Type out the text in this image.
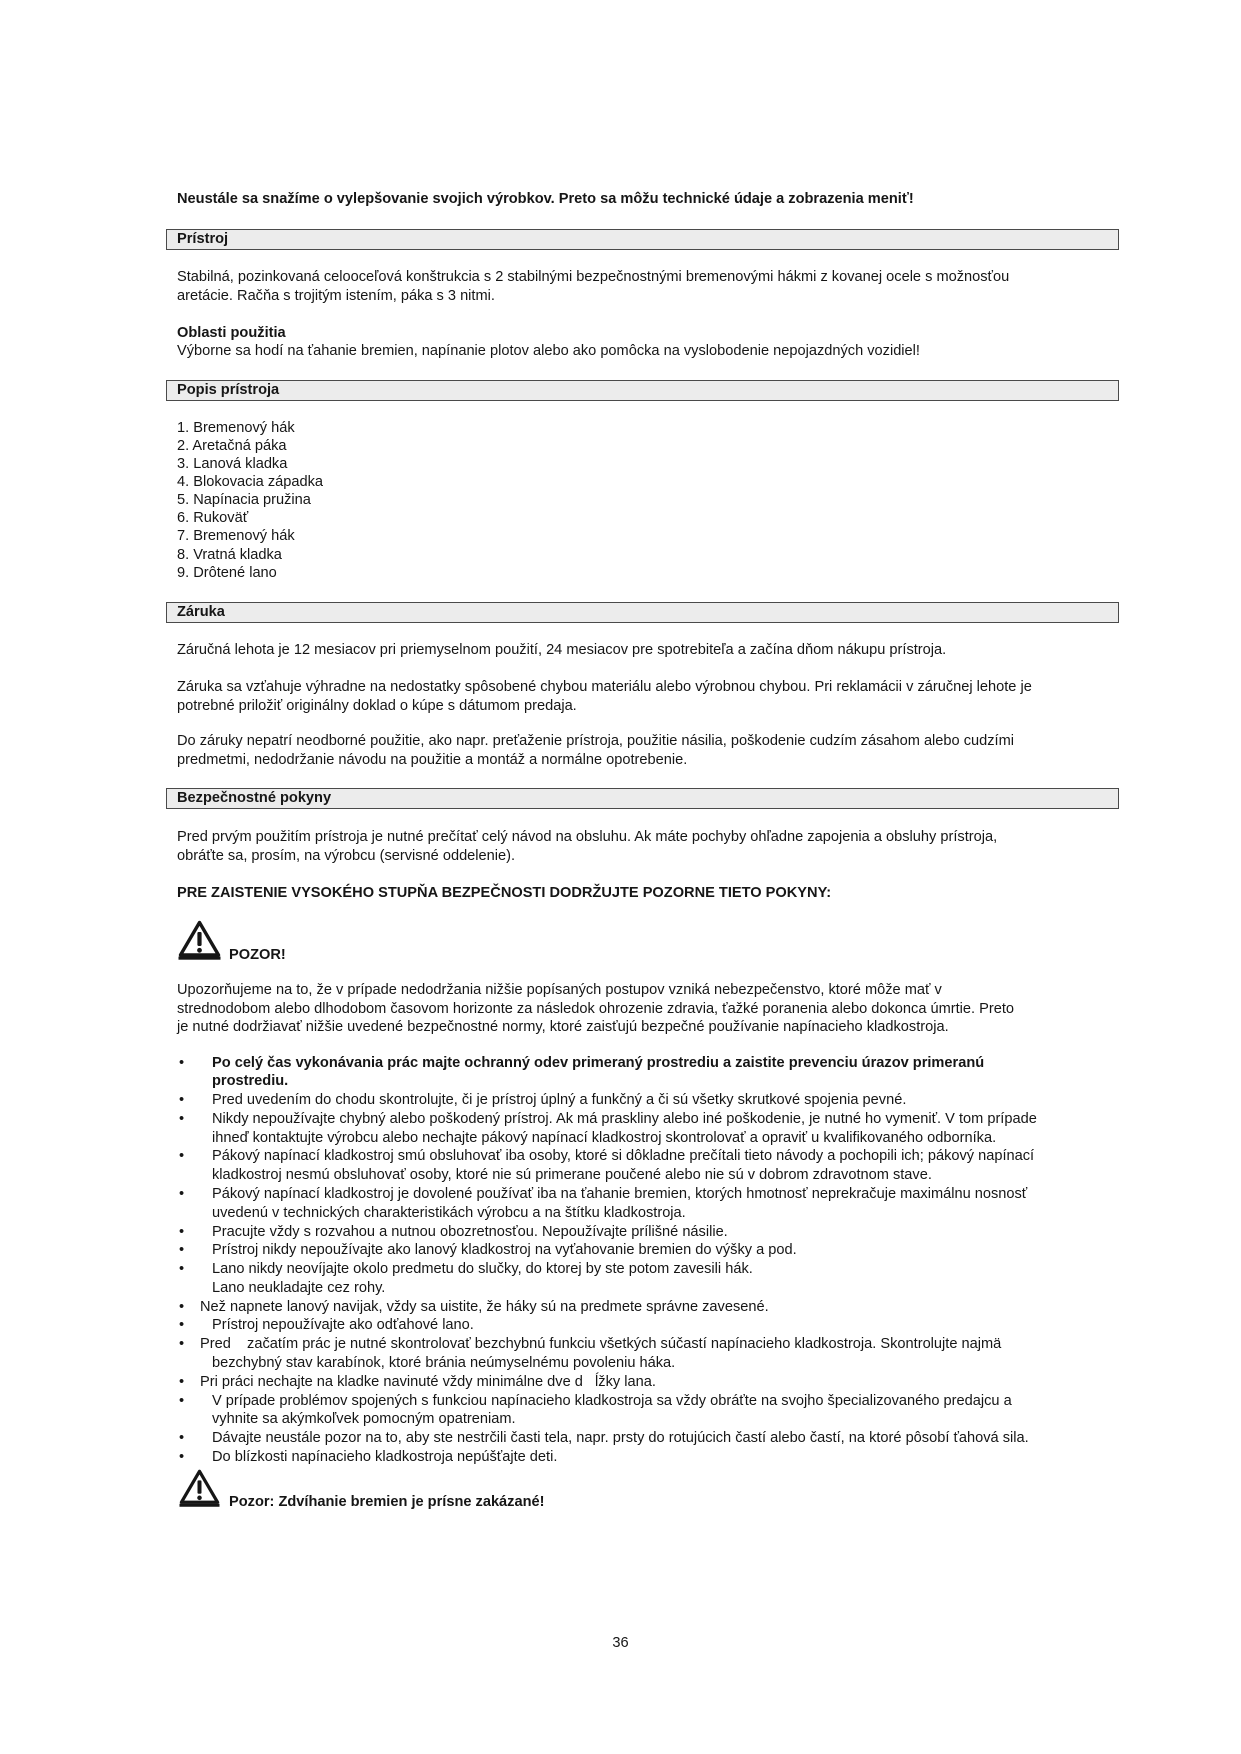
Neustále sa snažíme o vylepšovanie svojich výrobkov. Preto sa môžu technické údaje a zobrazenia meniť!
Prístroj
Stabilná, pozinkovaná celooceľová konštrukcia s 2 stabilnými bezpečnostnými bremenovými hákmi z kovanej ocele s možnosťou
aretácie. Račňa s trojitým istením, páka s 3 nitmi.
Oblasti použitia
Výborne sa hodí na ťahanie bremien, napínanie plotov alebo ako pomôcka na vyslobodenie nepojazdných vozidiel!
Popis prístroja
1. Bremenový hák
2. Aretačná páka
3. Lanová kladka
4. Blokovacia západka
5. Napínacia pružina
6. Rukoväť
7. Bremenový hák
8. Vratná kladka
9. Drôtené lano
Záruka
Záručná lehota je 12 mesiacov pri priemyselnom použití, 24 mesiacov pre spotrebiteľa a začína dňom nákupu prístroja.
Záruka sa vzťahuje výhradne na nedostatky spôsobené chybou materiálu alebo výrobnou chybou. Pri reklamácii v záručnej lehote je
potrebné priložiť originálny doklad o kúpe s dátumom predaja.
Do záruky nepatrí neodborné použitie, ako napr. preťaženie prístroja, použitie násilia, poškodenie cudzím zásahom alebo cudzími
predmetmi, nedodržanie návodu na použitie a montáž a normálne opotrebenie.
Bezpečnostné pokyny
Pred prvým použitím prístroja je nutné prečítať celý návod na obsluhu. Ak máte pochyby ohľadne zapojenia a obsluhy prístroja,
obráťte sa, prosím, na výrobcu (servisné oddelenie).
PRE ZAISTENIE VYSOKÉHO STUPŇA BEZPEČNOSTI DODRŽUJTE POZORNE TIETO POKYNY:
POZOR!
Upozorňujeme na to, že v prípade nedodržania nižšie popísaných postupov vzniká nebezpečenstvo, ktoré môže mať v
strednodobom alebo dlhodobom časovom horizonte za následok ohrozenie zdravia, ťažké poranenia alebo dokonca úmrtie. Preto
je nutné dodržiavať nižšie uvedené bezpečnostné normy, ktoré zaisťujú bezpečné používanie napínacieho kladkostroja.
• Po celý čas vykonávania prác majte ochranný odev primeraný prostrediu a zaistite prevenciu úrazov primeranú
prostrediu.
• Pred uvedením do chodu skontrolujte, či je prístroj úplný a funkčný a či sú všetky skrutkové spojenia pevné.
• Nikdy nepoužívajte chybný alebo poškodený prístroj. Ak má praskliny alebo iné poškodenie, je nutné ho vymeniť. V tom prípade
ihneď kontaktujte výrobcu alebo nechajte pákový napínací kladkostroj skontrolovať a opraviť u kvalifikovaného odborníka.
• Pákový napínací kladkostroj smú obsluhovať iba osoby, ktoré si dôkladne prečítali tieto návody a pochopili ich; pákový napínací
kladkostroj nesmú obsluhovať osoby, ktoré nie sú primerane poučené alebo nie sú v dobrom zdravotnom stave.
• Pákový napínací kladkostroj je dovolené používať iba na ťahanie bremien, ktorých hmotnosť neprekračuje maximálnu nosnosť
uvedenú v technických charakteristikách výrobcu a na štítku kladkostroja.
• Pracujte vždy s rozvahou a nutnou obozretnosťou. Nepoužívajte prílišné násilie.
• Prístroj nikdy nepoužívajte ako lanový kladkostroj na vyťahovanie bremien do výšky a pod.
• Lano nikdy neovíjajte okolo predmetu do slučky, do ktorej by ste potom zavesili hák.
Lano neukladajte cez rohy.
• Než napnete lanový navijak, vždy sa uistite, že háky sú na predmete správne zavesené.
• Prístroj nepoužívajte ako odťahové lano.
• Pred    začatím prác je nutné skontrolovať bezchybnú funkciu všetkých súčastí napínacieho kladkostroja. Skontrolujte najmä
bezchybný stav karabínok, ktoré bránia neúmyselnému povoleniu háka.
• Pri práci nechajte na kladke navinuté vždy minimálne dve d   ĺžky lana.
• V prípade problémov spojených s funkciou napínacieho kladkostroja sa vždy obráťte na svojho špecializovaného predajcu a
vyhnite sa akýmkoľvek pomocným opatreniam.
• Dávajte neustále pozor na to, aby ste nestrčili časti tela, napr. prsty do rotujúcich častí alebo častí, na ktoré pôsobí ťahová sila.
• Do blízkosti napínacieho kladkostroja nepúšťajte deti.
Pozor: Zdvíhanie bremien je prísne zakázané!
36
